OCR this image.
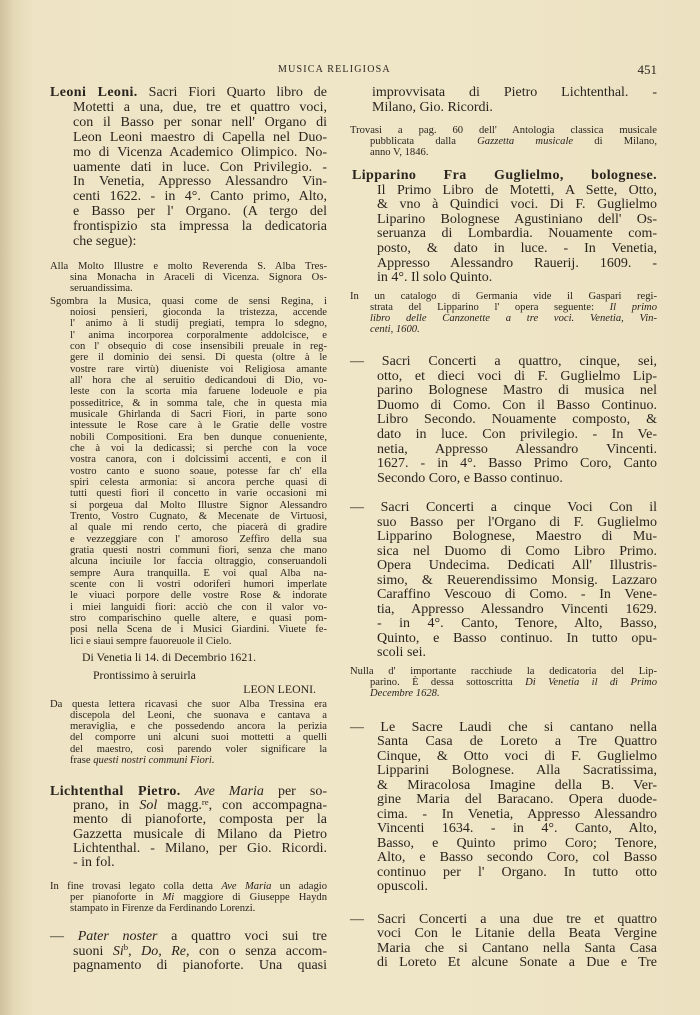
MUSICA RELIGIOSA	451
Leoni Leoni. Sacri Fiori Quarto libro de
Motetti a una, due, tre et quattro voci,
con il Basso per sonar nell' Organo di
Leon Leoni maestro di Capella nel Duo-
mo di Vicenza Academico Olimpico. No-
uamente dati in luce. Con Privilegio. -
In Venetia, Appresso Alessandro Vin-
centi 1622. - in 4°. Canto primo, Alto,
e Basso per l' Organo. (A tergo del
frontispizio sta impressa la dedicatoria
che segue):
Alla Molto Illustre e molto Reverenda S. Alba Tres-
sina Monacha in Araceli di Vicenza. Signora Os-
seruandissima.
Sgombra la Musica, quasi come de sensi Regina, i
noiosi pensieri, gioconda la tristezza, accende
l' animo à li studij pregiati, tempra lo sdegno,
l' anima incorporea corporalmente addolcisce, e
con l' obsequio di cose insensibili preuale in reg-
gere il dominio dei sensi. Di questa (oltre à le
vostre rare virtù) diueniste voi Religiosa amante
all' hora che al seruitio dedicandoui di Dio, vo-
leste con la scorta mia faruene lodeuole e pia
posseditrice, & in somma tale, che in questa mia
musicale Ghirlanda di Sacri Fiori, in parte sono
intessute le Rose care à le Gratie delle vostre
nobili Compositioni. Era ben dunque conueniente,
che à voi la dedicassi; si perche con la voce
vostra canora, con i dolcissimi accenti, e con il
vostro canto e suono soaue, potesse far ch' ella
spiri celesta armonia: si ancora perche quasi di
tutti questi fiori il concetto in varie occasioni mi
si porgeua dal Molto Illustre Signor Alessandro
Trento, Vostro Cugnato, & Mecenate de Virtuosi,
al quale mi rendo certo, che piacerà di gradire
e vezzeggiare con l' amoroso Zeffiro della sua
gratia questi nostri communi fiori, senza che mano
alcuna inciuile lor faccia oltraggio, conseruandoli
sempre Aura tranquilla. E voi qual Alba na-
scente con li vostri odoriferi humori imperlate
le viuaci porpore delle vostre Rose & indorate
i miei languidi fiori: acciò che con il valor vo-
stro comparischino quelle altere, e quasi pom-
posi nella Scena de i Musici Giardini. Viuete fe-
lici e siaui sempre fauoreuole il Cielo.
Di Venetia li 14. di Decembrio 1621.
Prontissimo à seruirla
LEON LEONI.
Da questa lettera ricavasi che suor Alba Tressina era
discepola del Leoni, che suonava e cantava a
meraviglia, e che possedendo ancora la perizia
del comporre uni alcuni suoi mottetti a quelli
del maestro, così parendo voler significare la
frase questi nostri communi Fiori.
Lichtenthal Pietro. Ave Maria per so-
prano, in Sol magg.$^{re}$, con accompagna-
mento di pianoforte, composta per la
Gazzetta musicale di Milano da Pietro
Lichtenthal. - Milano, per Gio. Ricordi.
- in fol.
In fine trovasi legato colla detta Ave Maria un adagio
per pianoforte in Mi maggiore di Giuseppe Haydn
stampato in Firenze da Ferdinando Lorenzi.
— Pater noster a quattro voci sui tre
suoni Si$^b$, Do, Re, con o senza accom-
pagnamento di pianoforte. Una quasi
improvvisata di Pietro Lichtenthal. -
Milano, Gio. Ricordi.
Trovasi a pag. 60 dell' Antologia classica musicale
pubblicata dalla Gazzetta musicale di Milano,
anno V, 1846.
Lipparino Fra Guglielmo, bolognese.
Il Primo Libro de Motetti, A Sette, Otto,
& vno à Quindici voci. Di F. Guglielmo
Liparino Bolognese Agustiniano dell' Os-
seruanza di Lombardia. Nouamente com-
posto, & dato in luce. - In Venetia,
Appresso Alessandro Rauerij. 1609. -
in 4°. Il solo Quinto.
In un catalogo di Germania vide il Gaspari regi-
strata del Lipparino l' opera seguente: Il primo
libro delle Canzonette a tre voci. Venetia, Vin-
centi, 1600.
— Sacri Concerti a quattro, cinque, sei,
otto, et dieci voci di F. Guglielmo Lip-
parino Bolognese Mastro di musica nel
Duomo di Como. Con il Basso Continuo.
Libro Secondo. Nouamente composto, &
dato in luce. Con privilegio. - In Ve-
netia, Appresso Alessandro Vincenti.
1627. - in 4°. Basso Primo Coro, Canto
Secondo Coro, e Basso continuo.
— Sacri Concerti a cinque Voci Con il
suo Basso per l'Organo di F. Guglielmo
Lipparino Bolognese, Maestro di Mu-
sica nel Duomo di Como Libro Primo.
Opera Undecima. Dedicati All' Illustris-
simo, & Reuerendissimo Monsig. Lazzaro
Caraffino Vescouo di Como. - In Vene-
tia, Appresso Alessandro Vincenti 1629.
- in 4°. Canto, Tenore, Alto, Basso,
Quinto, e Basso continuo. In tutto opu-
scoli sei.
Nulla d' importante racchiude la dedicatoria del Lip-
parino. È dessa sottoscritta Di Venetia il dì Primo
Decembre 1628.
— Le Sacre Laudi che si cantano nella
Santa Casa de Loreto a Tre Quattro
Cinque, & Otto voci di F. Guglielmo
Lipparini Bolognese. Alla Sacratissima,
& Miracolosa Imagine della B. Ver-
gine Maria del Baracano. Opera duode-
cima. - In Venetia, Appresso Alessandro
Vincenti 1634. - in 4°. Canto, Alto,
Basso, e Quinto primo Coro; Tenore,
Alto, e Basso secondo Coro, col Basso
continuo per l' Organo. In tutto otto
opuscoli.
— Sacri Concerti a una due tre et quattro
voci Con le Litanie della Beata Vergine
Maria che si Cantano nella Santa Casa
di Loreto Et alcune Sonate a Due e Tre
